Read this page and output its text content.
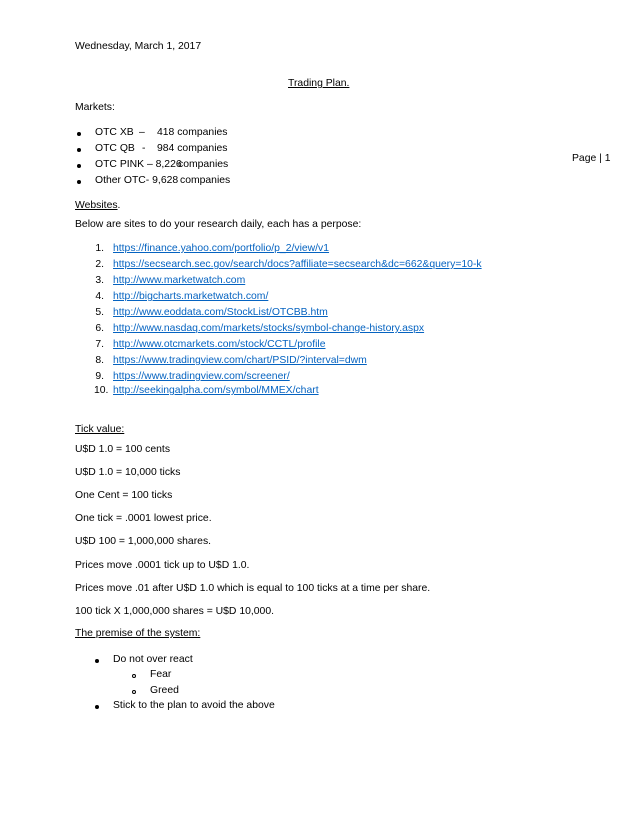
Wednesday, March 1, 2017
Page | 1
Trading Plan.
Markets:
OTC XB – 418 companies
OTC QB - 984 companies
OTC PINK – 8,226
companies
Other OTC- 9,628 companies
Websites.
Below are sites to do your research daily, each has a perpose:
1. https://finance.yahoo.com/portfolio/p_2/view/v1
2. https://secsearch.sec.gov/search/docs?affiliate=secsearch&dc=662&query=10-k
3. http://www.marketwatch.com
4. http://bigcharts.marketwatch.com/
5. http://www.eoddata.com/StockList/OTCBB.htm
6. http://www.nasdaq.com/markets/stocks/symbol-change-history.aspx
7. http://www.otcmarkets.com/stock/CCTL/profile
8. https://www.tradingview.com/chart/PSID/?interval=dwm
9. https://www.tradingview.com/screener/
10. http://seekingalpha.com/symbol/MMEX/chart
Tick value:
U$D 1.0 = 100 cents
U$D 1.0 = 10,000 ticks
One Cent = 100 ticks
One tick = .0001 lowest price.
U$D 100 = 1,000,000 shares.
Prices move .0001 tick up to U$D 1.0.
Prices move .01 after U$D 1.0 which is equal to 100 ticks at a time per share.
100 tick X 1,000,000 shares = U$D 10,000.
The premise of the system:
Do not over react
Fear
Greed
Stick to the plan to avoid the above
